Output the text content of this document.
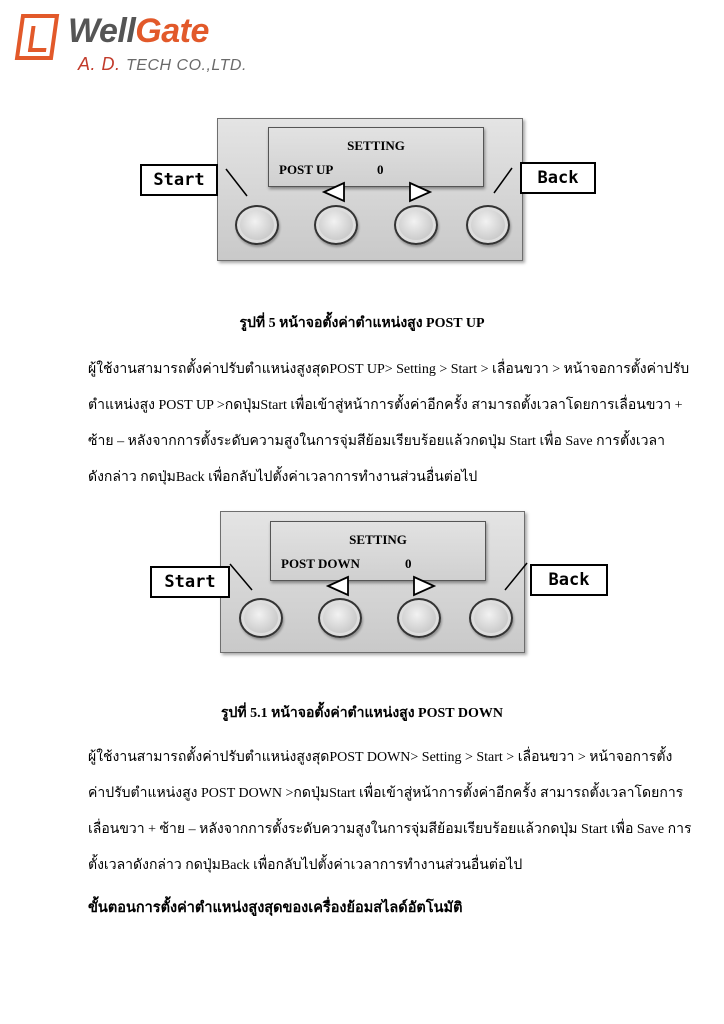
WellGate
A. D. TECH CO.,LTD.
SETTING
POST UP	0
Start	Back
รูปที่ 5 หน้าจอตั้งค่าตำแหน่งสูง POST UP
ผู้ใช้งานสามารถตั้งค่าปรับตำแหน่งสูงสุดPOST UP> Setting > Start > เลื่อนขวา > หน้าจอการตั้งค่าปรับ
ตำแหน่งสูง POST UP >กดปุ่มStart เพื่อเข้าสู่หน้าการตั้งค่าอีกครั้ง สามารถตั้งเวลาโดยการเลื่อนขวา +
ซ้าย – หลังจากการตั้งระดับความสูงในการจุ่มสีย้อมเรียบร้อยแล้วกดปุ่ม Start เพื่อ Save การตั้งเวลา
ดังกล่าว กดปุ่มBack เพื่อกลับไปตั้งค่าเวลาการทำงานส่วนอื่นต่อไป
SETTING
POST DOWN	0
Start	Back
รูปที่ 5.1 หน้าจอตั้งค่าตำแหน่งสูง POST DOWN
ผู้ใช้งานสามารถตั้งค่าปรับตำแหน่งสูงสุดPOST DOWN> Setting > Start > เลื่อนขวา > หน้าจอการตั้ง
ค่าปรับตำแหน่งสูง POST DOWN >กดปุ่มStart เพื่อเข้าสู่หน้าการตั้งค่าอีกครั้ง สามารถตั้งเวลาโดยการ
เลื่อนขวา + ซ้าย – หลังจากการตั้งระดับความสูงในการจุ่มสีย้อมเรียบร้อยแล้วกดปุ่ม Start เพื่อ Save การ
ตั้งเวลาดังกล่าว กดปุ่มBack เพื่อกลับไปตั้งค่าเวลาการทำงานส่วนอื่นต่อไป
ขั้นตอนการตั้งค่าตำแหน่งสูงสุดของเครื่องย้อมสไลด์อัตโนมัติ
